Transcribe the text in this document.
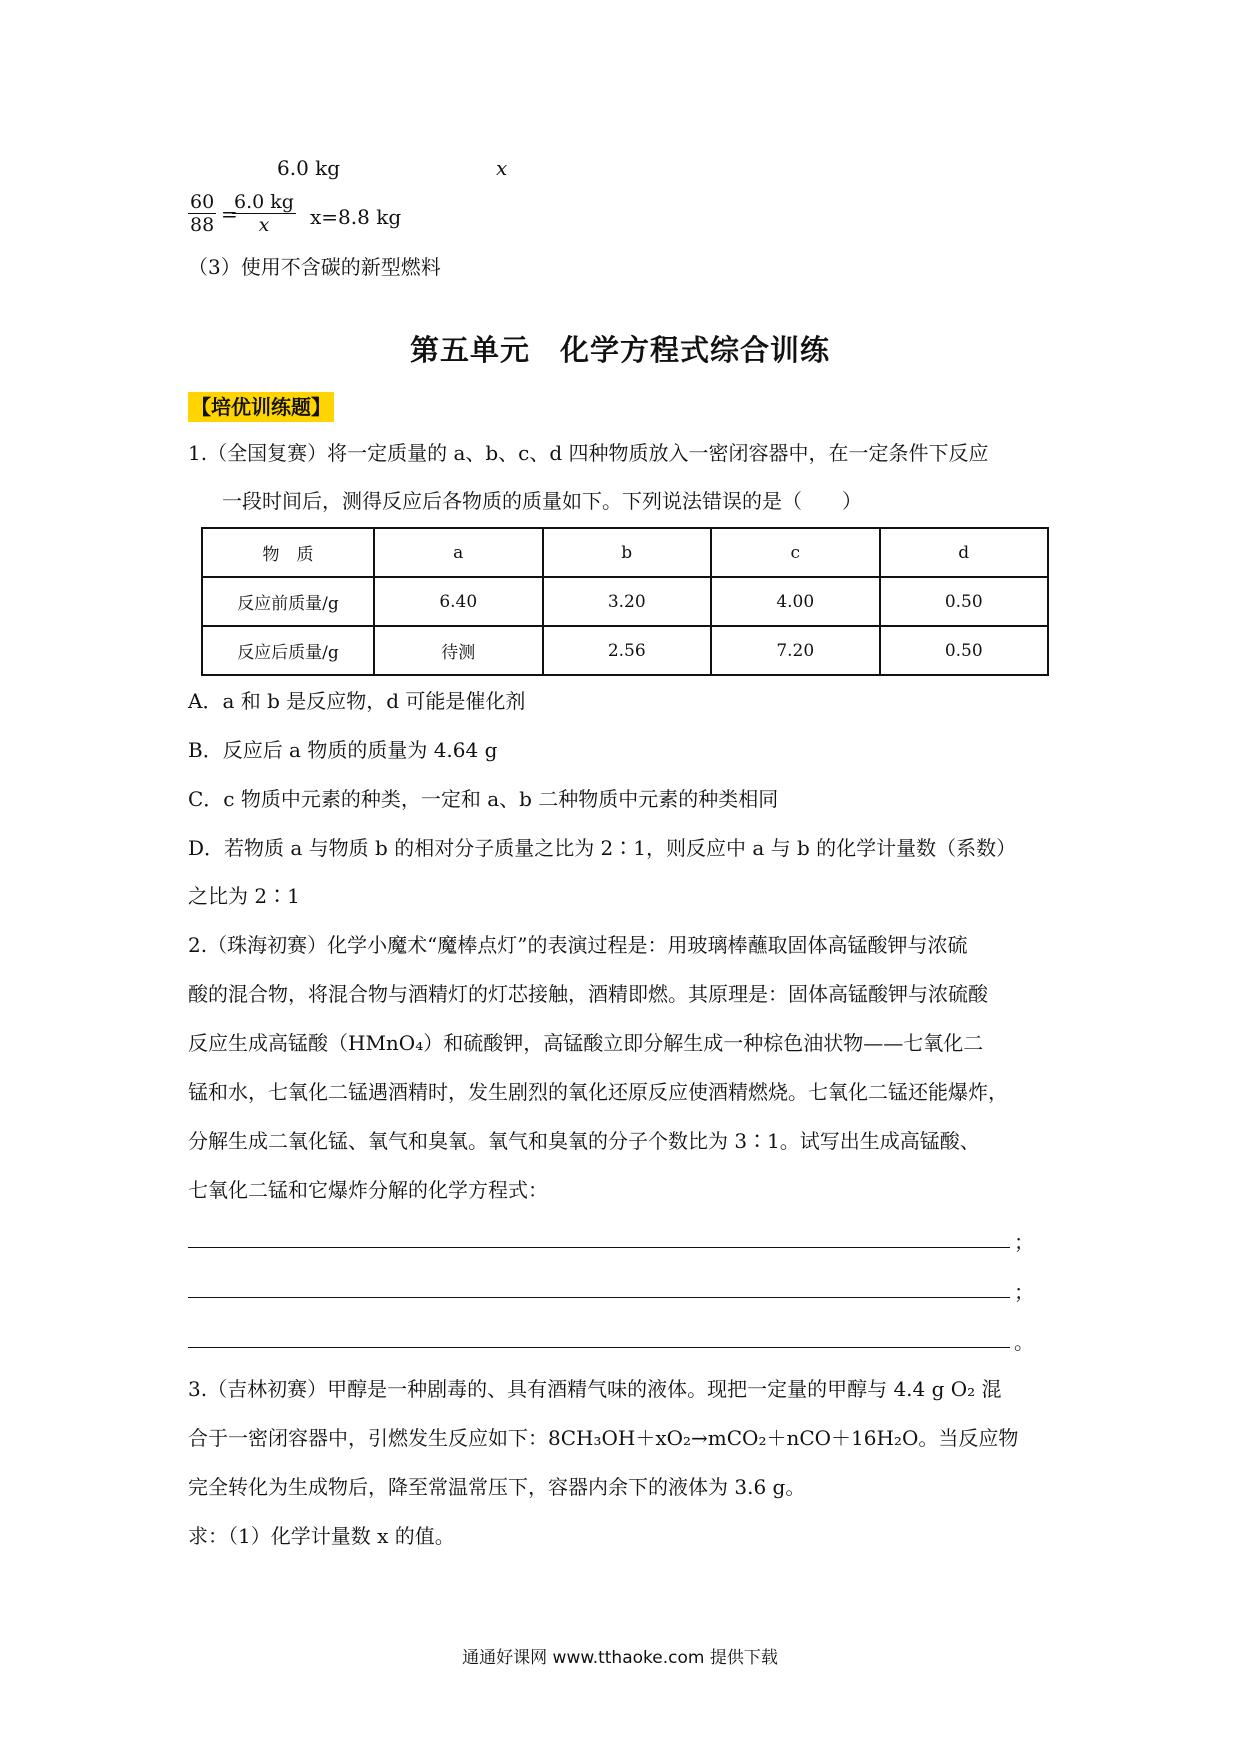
6.0 kg	x
$\frac{60}{88}$ =
$\frac{6.0 kg}{x} x=8.8$ kg
（3）使用不含碳的新型燃料
第五单元　化学方程式综合训练
【培优训练题】
1.（全国复赛）将一定质量的 a、b、c、d 四种物质放入一密闭容器中，在一定条件下反应
一段时间后，测得反应后各物质的质量如下。下列说法错误的是（　　）
物　质	a	b	c	d
反应前质量/g	6.40	3.20	4.00	0.50
反应后质量/g	待测	2.56	7.20	0.50
A．a 和 b 是反应物，d 可能是催化剂
B．反应后 a 物质的质量为 4.64 g
C．c 物质中元素的种类，一定和 a、b 二种物质中元素的种类相同
D．若物质 a 与物质 b 的相对分子质量之比为 2∶1，则反应中 a 与 b 的化学计量数（系数）
之比为 2∶1
2.（珠海初赛）化学小魔术“魔棒点灯”的表演过程是：用玻璃棒蘸取固体高锰酸钾与浓硫
酸的混合物，将混合物与酒精灯的灯芯接触，酒精即燃。其原理是：固体高锰酸钾与浓硫酸
反应生成高锰酸（HMnO₄）和硫酸钾，高锰酸立即分解生成一种棕色油状物——七氧化二
锰和水，七氧化二锰遇酒精时，发生剧烈的氧化还原反应使酒精燃烧。七氧化二锰还能爆炸，
分解生成二氧化锰、氧气和臭氧。氧气和臭氧的分子个数比为 3∶1。试写出生成高锰酸、
七氧化二锰和它爆炸分解的化学方程式：
；
；
。
3.（吉林初赛）甲醇是一种剧毒的、具有酒精气味的液体。现把一定量的甲醇与 4.4 g O₂ 混
合于一密闭容器中，引燃发生反应如下：8CH₃OH＋xO₂→mCO₂＋nCO＋16H₂O。当反应物
完全转化为生成物后，降至常温常压下，容器内余下的液体为 3.6 g。
求：（1）化学计量数 x 的值。
通通好课网 www.tthaoke.com 提供下载
